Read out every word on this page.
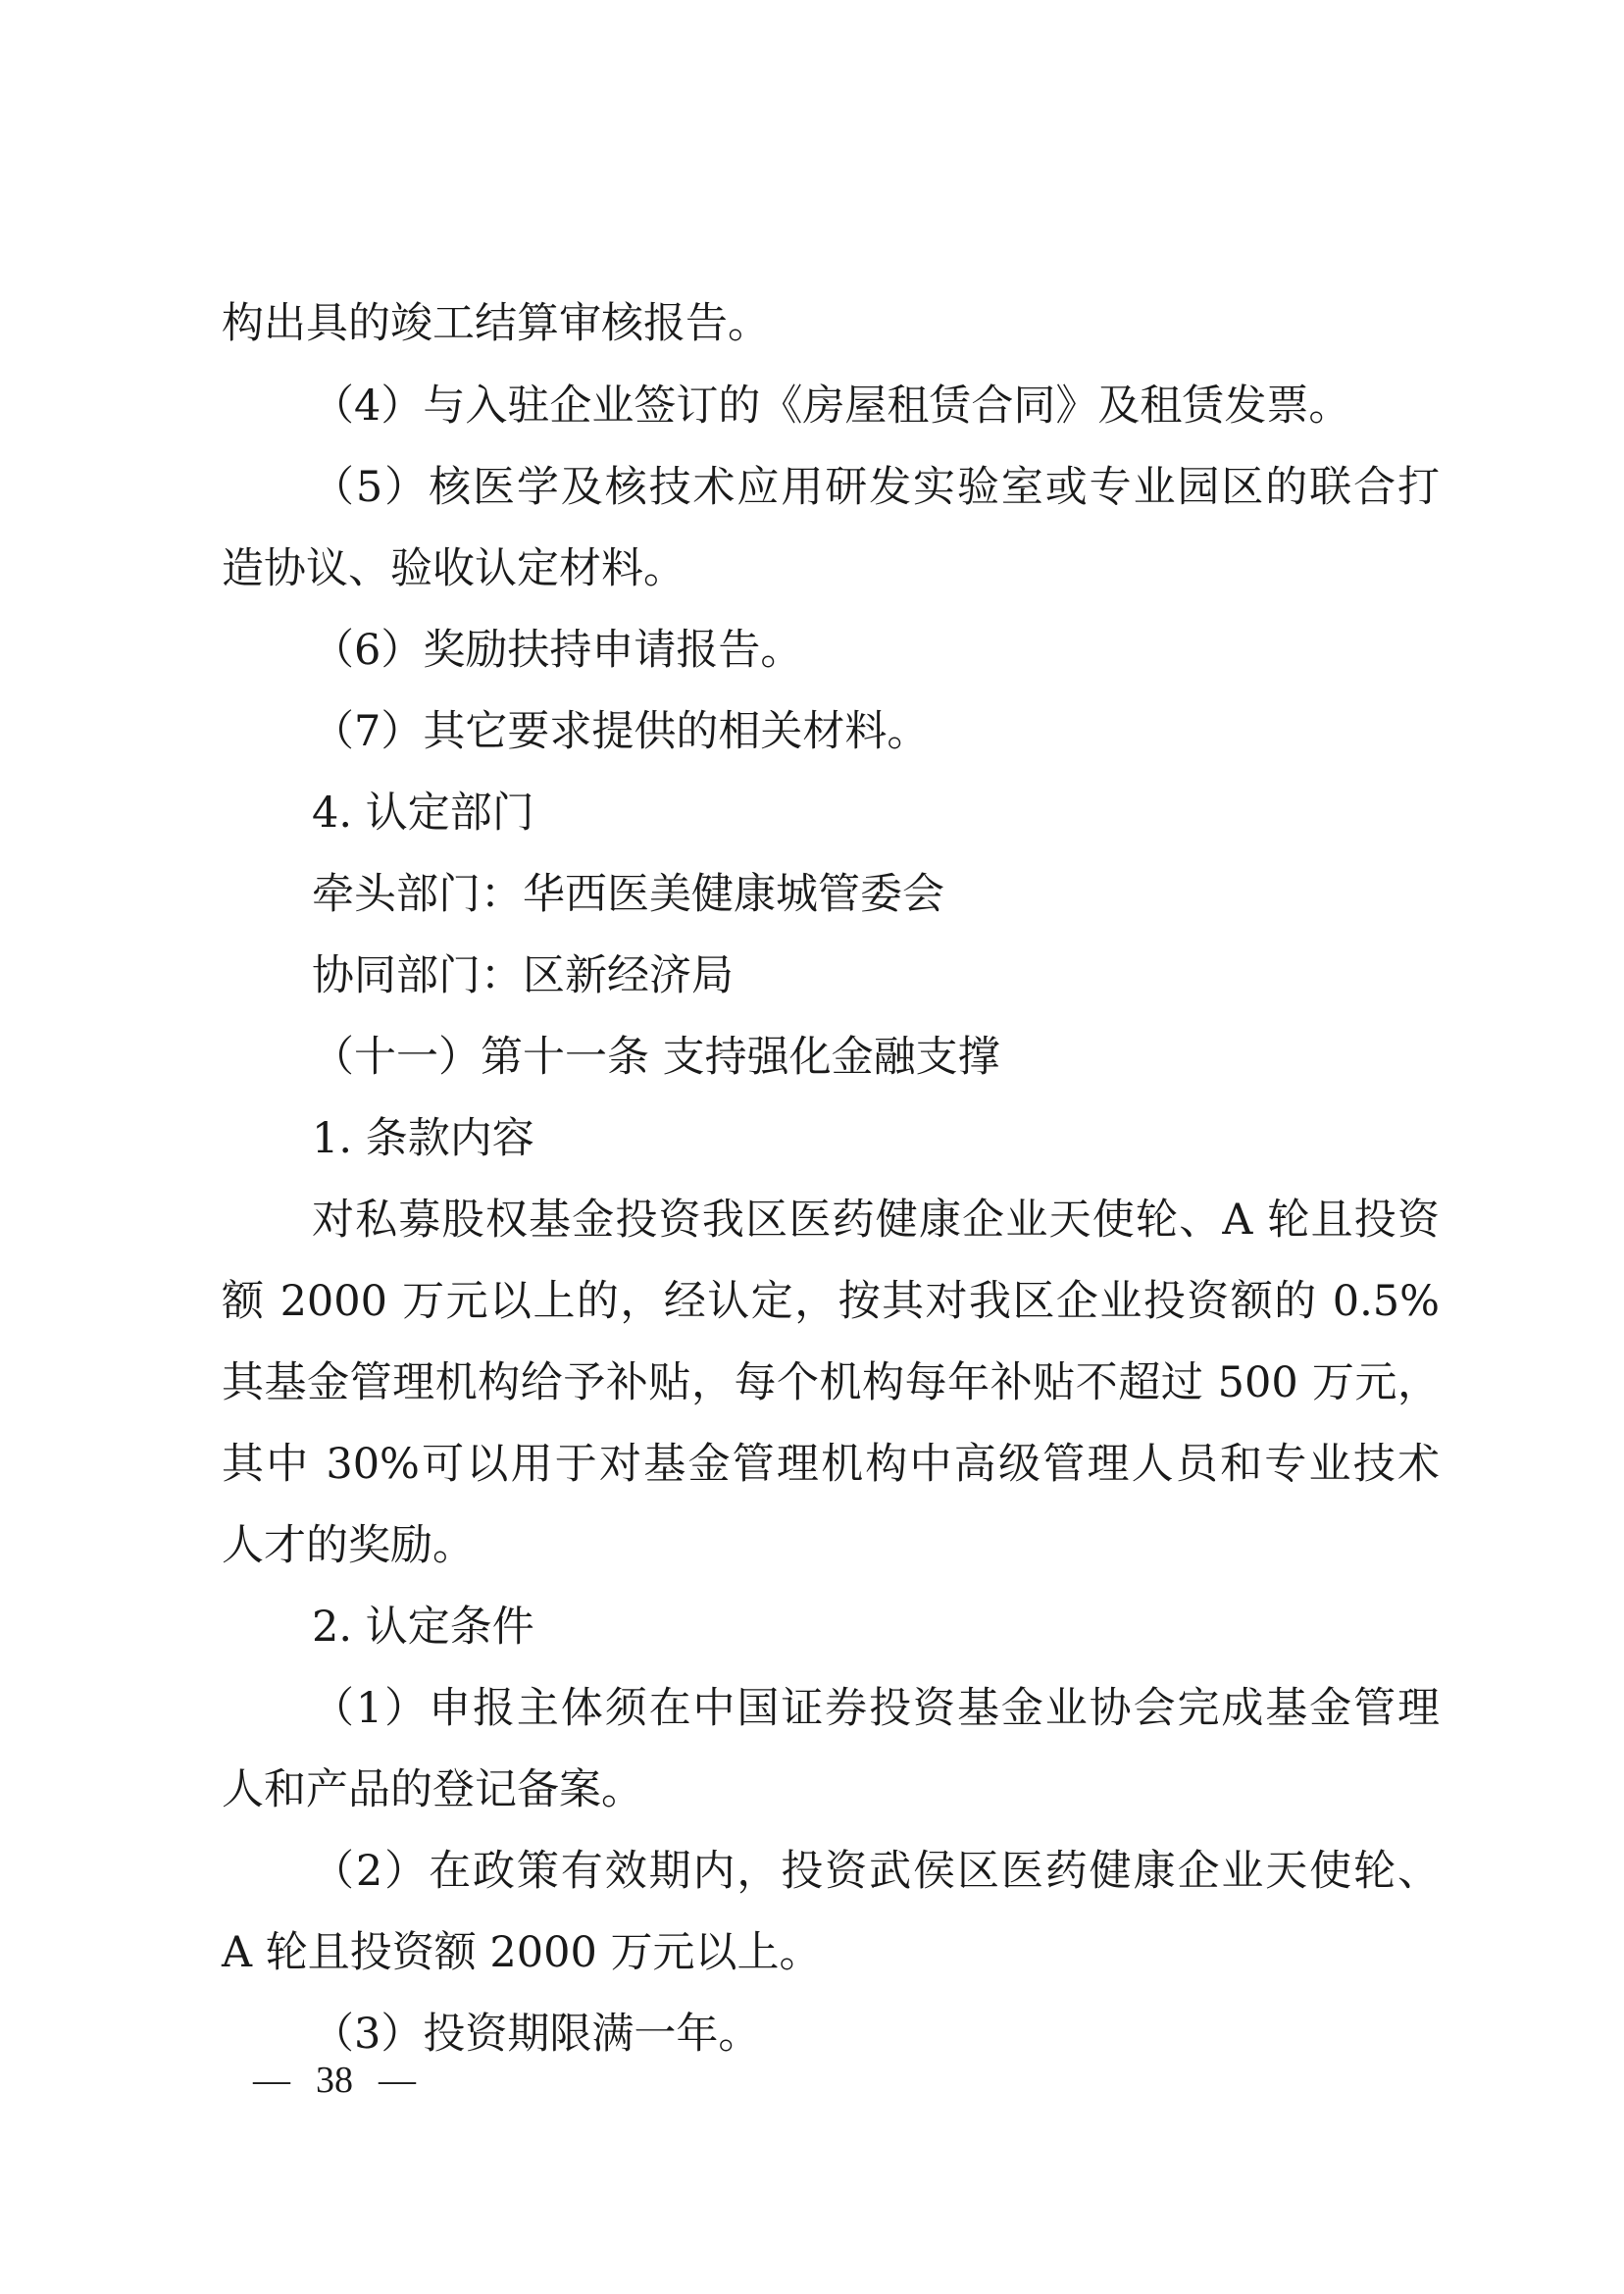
构出具的竣工结算审核报告。

（4）与入驻企业签订的《房屋租赁合同》及租赁发票。

（5）核医学及核技术应用研发实验室或专业园区的联合打

造协议、验收认定材料。

（6）奖励扶持申请报告。

（7）其它要求提供的相关材料。

4. 认定部门

牵头部门：华西医美健康城管委会

协同部门：区新经济局

（十一）第十一条 支持强化金融支撑

1. 条款内容

对私募股权基金投资我区医药健康企业天使轮、A 轮且投资

额 2000 万元以上的，经认定，按其对我区企业投资额的 0.5%

其基金管理机构给予补贴，每个机构每年补贴不超过 500 万元，

其中 30%可以用于对基金管理机构中高级管理人员和专业技术

人才的奖励。

2. 认定条件

（1）申报主体须在中国证券投资基金业协会完成基金管理

人和产品的登记备案。

（2）在政策有效期内，投资武侯区医药健康企业天使轮、

A 轮且投资额 2000 万元以上。

（3）投资期限满一年。

— 38 —
